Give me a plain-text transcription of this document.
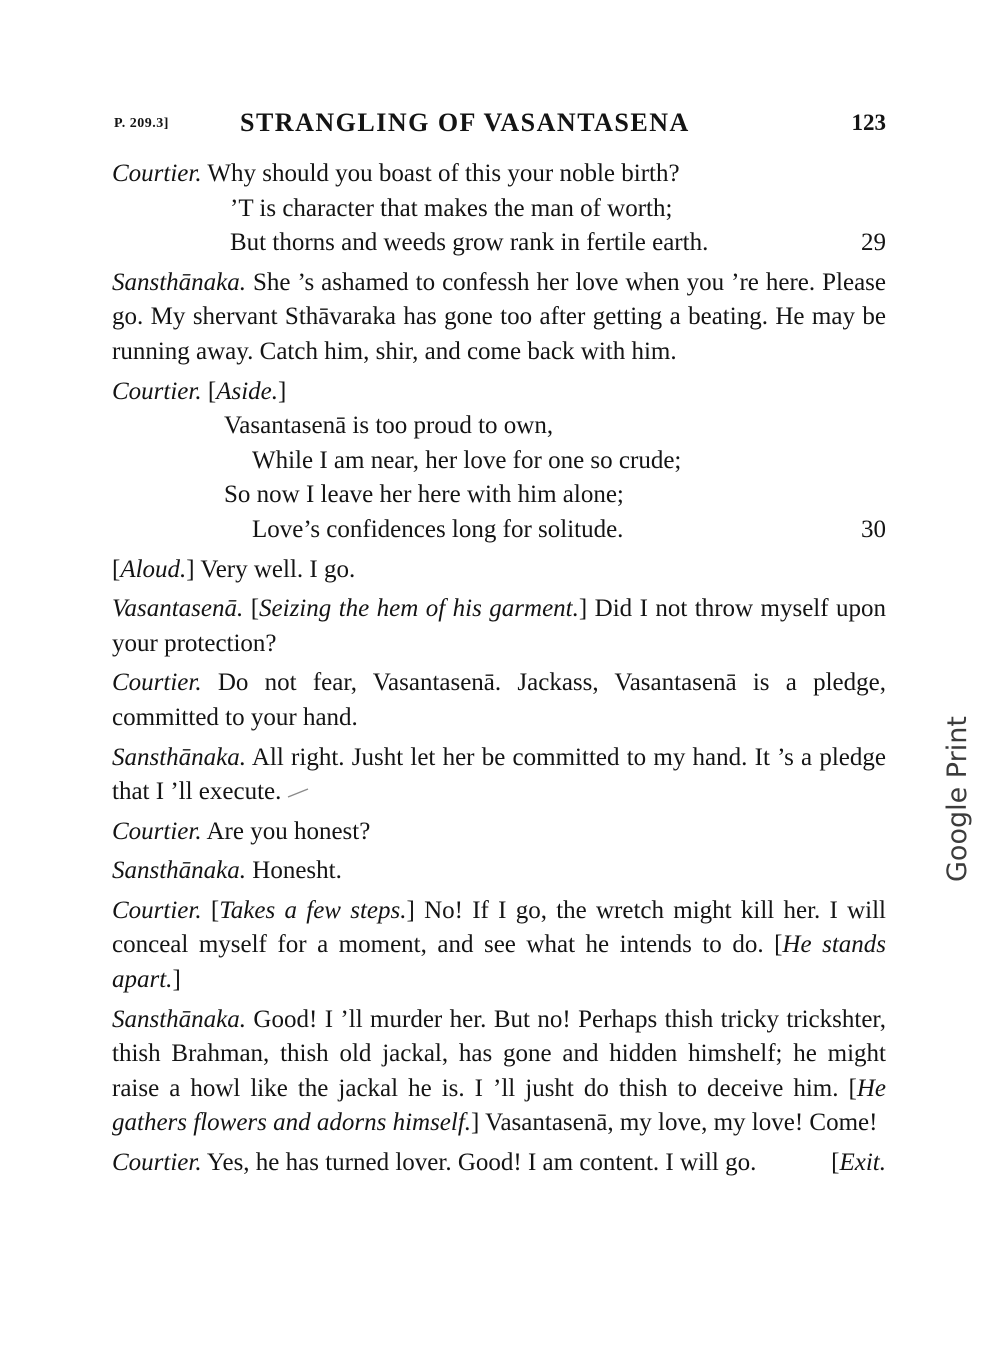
P. 209.3]	STRANGLING OF VASANTASENA	123
Courtier. Why should you boast of this your noble birth?
’T is character that makes the man of worth;
But thorns and weeds grow rank in fertile earth.	29
Sansthānaka. She ’s ashamed to confessh her love when you ’re here. Please go. My shervant Sthāvaraka has gone too after getting a beating. He may be running away. Catch him, shir, and come back with him.
Courtier. [Aside.]
Vasantasenā is too proud to own,
While I am near, her love for one so crude;
So now I leave her here with him alone;
Love’s confidences long for solitude.	30
[Aloud.] Very well. I go.
Vasantasenā. [Seizing the hem of his garment.] Did I not throw myself upon your protection?
Courtier. Do not fear, Vasantasenā. Jackass, Vasantasenā is a pledge, committed to your hand.
Sansthānaka. All right. Jusht let her be committed to my hand. It ’s a pledge that I ’ll execute.
Courtier. Are you honest?
Sansthānaka. Honesht.
Courtier. [Takes a few steps.] No! If I go, the wretch might kill her. I will conceal myself for a moment, and see what he intends to do. [He stands apart.]
Sansthānaka. Good! I ’ll murder her. But no! Perhaps thish tricky trickshter, thish Brahman, thish old jackal, has gone and hidden himshelf; he might raise a howl like the jackal he is. I ’ll jusht do thish to deceive him. [He gathers flowers and adorns himself.] Vasantasenā, my love, my love! Come!
Courtier. Yes, he has turned lover. Good! I am content. I will go.	[Exit.
Google Print
